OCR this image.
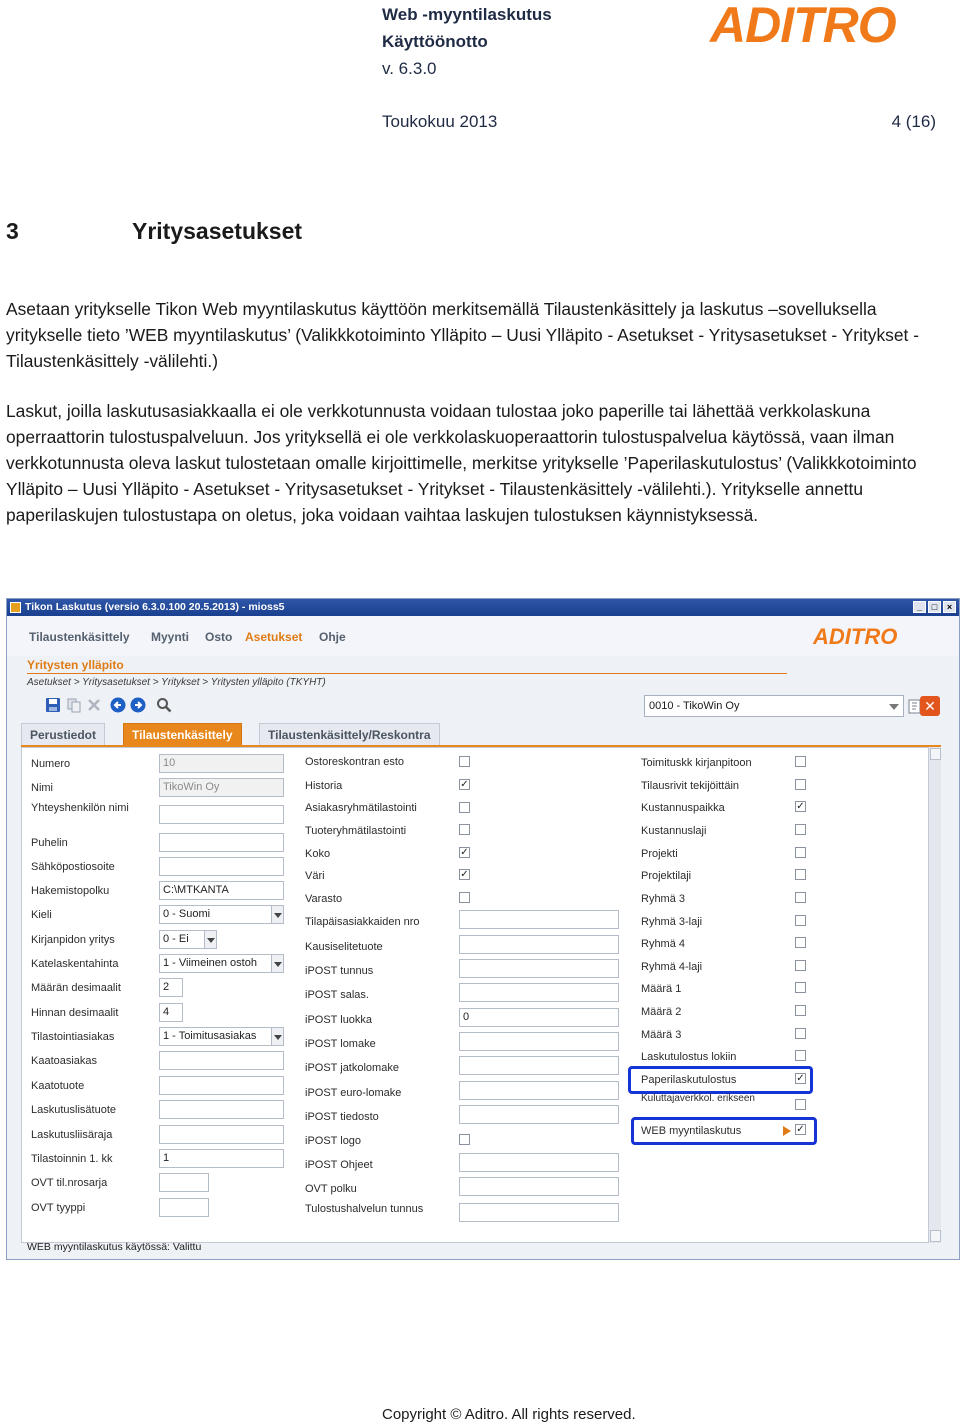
Web -myyntilaskutus
Käyttöönotto
v. 6.3.0
ADITRO
Toukokuu 2013	4 (16)
3	Yritysasetukset
Asetaan yritykselle Tikon Web myyntilaskutus käyttöön merkitsemällä Tilaustenkäsittely ja laskutus –sovelluksella yritykselle tieto ’WEB myyntilaskutus’ (Valikkkotoiminto Ylläpito – Uusi Ylläpito - Asetukset - Yritysasetukset - Yritykset - Tilaustenkäsittely -välilehti.)
Laskut, joilla laskutusasiakkaalla ei ole verkkotunnusta voidaan tulostaa joko paperille tai lähettää verkkolaskuna operraattorin tulostuspalveluun. Jos yrityksellä ei ole verkkolaskuoperaattorin tulostuspalvelua käytössä, vaan ilman verkkotunnusta oleva laskut tulostetaan omalle kirjoittimelle, merkitse yritykselle ’Paperilaskutulostus’ (Valikkkotoiminto Ylläpito – Uusi Ylläpito - Asetukset - Yritysasetukset - Yritykset - Tilaustenkäsittely -välilehti.). Yritykselle annettu paperilaskujen tulostustapa on oletus, joka voidaan vaihtaa laskujen tulostuksen käynnistyksessä.
Tikon Laskutus (versio 6.3.0.100 20.5.2013) - mioss5	_	□	×
Tilaustenkäsittely Myynti Osto Asetukset Ohje	ADITRO
Yritysten ylläpito
Asetukset > Yritysasetukset > Yritykset > Yritysten ylläpito (TKYHT)
0010 - TikoWin Oy	✕
Perustiedot	Tilaustenkäsittely	Tilaustenkäsittely/Reskontra
Numero	10
Nimi	TikoWin Oy
Yhteyshenkilön nimi
Puhelin
Sähköpostiosoite
Hakemistopolku	C:\MTKANTA
Kieli	0 - Suomi
Kirjanpidon yritys	0 - Ei
Katelaskentahinta	1 - Viimeinen ostoh
Määrän desimaalit	2
Hinnan desimaalit	4
Tilastointiasiakas	1 - Toimitusasiakas
Kaatoasiakas
Kaatotuote
Laskutuslisätuote
Laskutusliisäraja
Tilastoinnin 1. kk	1
OVT til.nrosarja
OVT tyyppi
Ostoreskontran esto
Historia	✓
Asiakasryhmätilastointi
Tuoteryhmätilastointi
Koko	✓
Väri	✓
Varasto
Tilapäisasiakkaiden nro
Kausiselitetuote
iPOST tunnus
iPOST salas.
iPOST luokka	0
iPOST lomake
iPOST jatkolomake
iPOST euro-lomake
iPOST tiedosto
iPOST logo
iPOST Ohjeet
OVT polku
Tulostushalvelun tunnus
Toimituskk kirjanpitoon
Tilausrivit tekijöittäin
Kustannuspaikka	✓
Kustannuslaji
Projekti
Projektilaji
Ryhmä 3
Ryhmä 3-laji
Ryhmä 4
Ryhmä 4-laji
Määrä 1
Määrä 2
Määrä 3
Laskutulostus lokiin
Paperilaskutulostus	✓
Kuluttajaverkkol. erikseen
WEB myyntilaskutus	✓
WEB myyntilaskutus käytössä: Valittu
Copyright © Aditro. All rights reserved.
